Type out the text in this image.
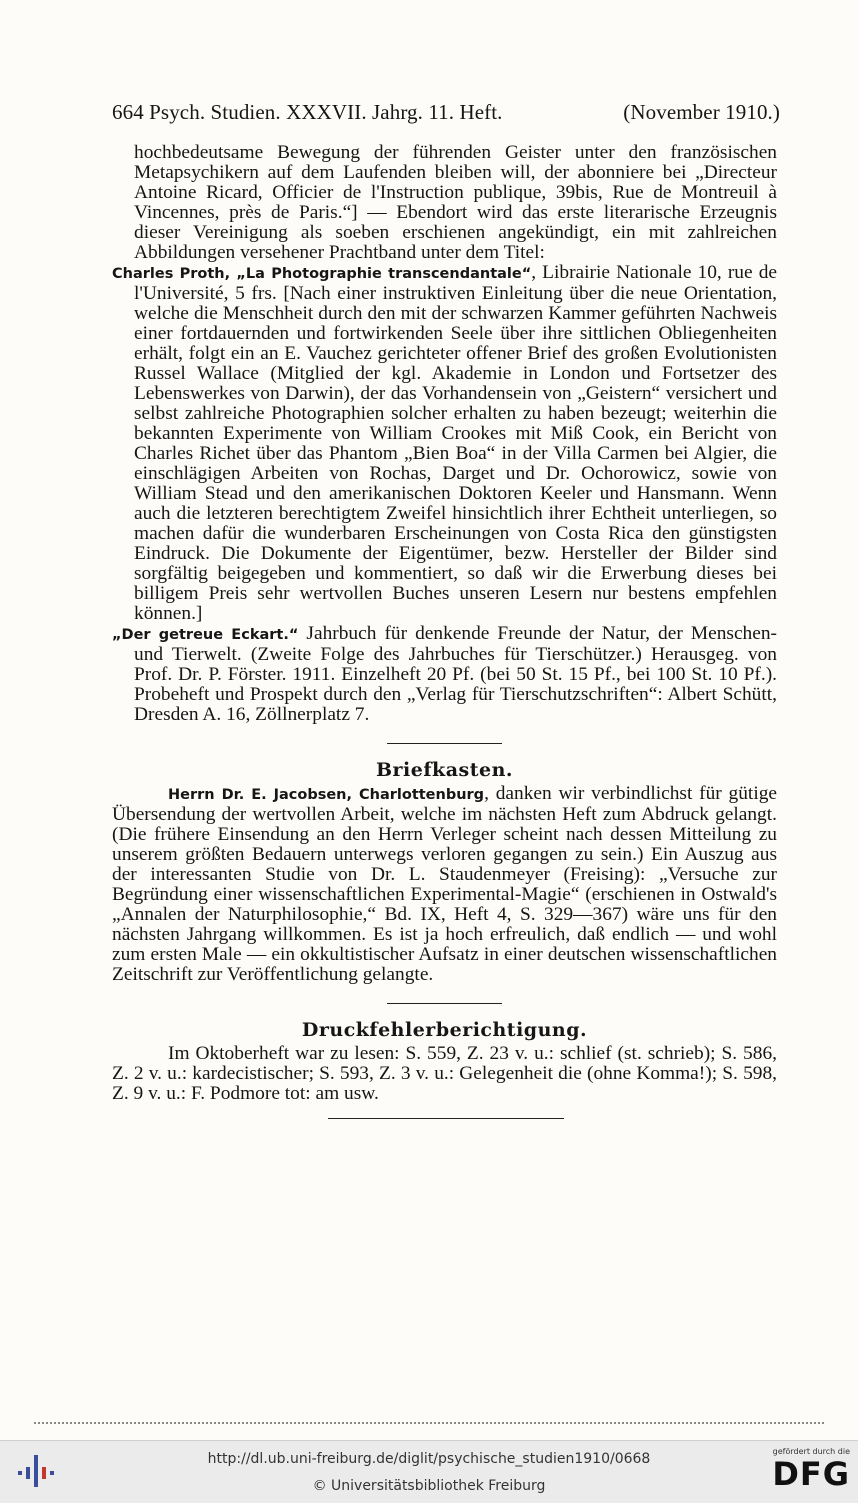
664 Psych. Studien. XXXVII. Jahrg. 11. Heft.	(November 1910.)

hochbedeutsame Bewegung der führenden Geister unter den französischen Metapsychikern auf dem Laufenden bleiben will, der abonniere bei „Directeur Antoine Ricard, Officier de l'Instruction publique, 39bis, Rue de Montreuil à Vincennes, près de Paris.“] — Ebendort wird das erste literarische Erzeugnis dieser Vereinigung als soeben erschienen angekündigt, ein mit zahlreichen Abbildungen versehener Prachtband unter dem Titel:

Charles Proth, „La Photographie transcendantale“, Librairie Nationale 10, rue de l'Université, 5 frs. [Nach einer instruktiven Einleitung über die neue Orientation, welche die Menschheit durch den mit der schwarzen Kammer geführten Nachweis einer fortdauernden und fortwirkenden Seele über ihre sittlichen Obliegenheiten erhält, folgt ein an E. Vauchez gerichteter offener Brief des großen Evolutionisten Russel Wallace (Mitglied der kgl. Akademie in London und Fortsetzer des Lebenswerkes von Darwin), der das Vorhandensein von „Geistern“ versichert und selbst zahlreiche Photographien solcher erhalten zu haben bezeugt; weiterhin die bekannten Experimente von William Crookes mit Miß Cook, ein Bericht von Charles Richet über das Phantom „Bien Boa“ in der Villa Carmen bei Algier, die einschlägigen Arbeiten von Rochas, Darget und Dr. Ochorowicz, sowie von William Stead und den amerikanischen Doktoren Keeler und Hansmann. Wenn auch die letzteren berechtigtem Zweifel hinsichtlich ihrer Echtheit unterliegen, so machen dafür die wunderbaren Erscheinungen von Costa Rica den günstigsten Eindruck. Die Dokumente der Eigentümer, bezw. Hersteller der Bilder sind sorgfältig beigegeben und kommentiert, so daß wir die Erwerbung dieses bei billigem Preis sehr wertvollen Buches unseren Lesern nur bestens empfehlen können.]

„Der getreue Eckart.“ Jahrbuch für denkende Freunde der Natur, der Menschen- und Tierwelt. (Zweite Folge des Jahrbuches für Tierschützer.) Herausgeg. von Prof. Dr. P. Förster. 1911. Einzelheft 20 Pf. (bei 50 St. 15 Pf., bei 100 St. 10 Pf.). Probeheft und Prospekt durch den „Verlag für Tierschutzschriften“: Albert Schütt, Dresden A. 16, Zöllnerplatz 7.

Briefkasten.

Herrn Dr. E. Jacobsen, Charlottenburg, danken wir verbindlichst für gütige Übersendung der wertvollen Arbeit, welche im nächsten Heft zum Abdruck gelangt. (Die frühere Einsendung an den Herrn Verleger scheint nach dessen Mitteilung zu unserem größten Bedauern unterwegs verloren gegangen zu sein.) Ein Auszug aus der interessanten Studie von Dr. L. Staudenmeyer (Freising): „Versuche zur Begründung einer wissenschaftlichen Experimental-Magie“ (erschienen in Ostwald's „Annalen der Naturphilosophie,“ Bd. IX, Heft 4, S. 329—367) wäre uns für den nächsten Jahrgang willkommen. Es ist ja hoch erfreulich, daß endlich — und wohl zum ersten Male — ein okkultistischer Aufsatz in einer deutschen wissenschaftlichen Zeitschrift zur Veröffentlichung gelangte.

Druckfehlerberichtigung.

Im Oktoberheft war zu lesen: S. 559, Z. 23 v. u.: schlief (st. schrieb); S. 586, Z. 2 v. u.: kardecistischer; S. 593, Z. 3 v. u.: Gelegenheit die (ohne Komma!); S. 598, Z. 9 v. u.: F. Podmore tot: am usw.

http://dl.ub.uni-freiburg.de/diglit/psychische_studien1910/0668
© Universitätsbibliothek Freiburg
gefördert durch die
DFG
